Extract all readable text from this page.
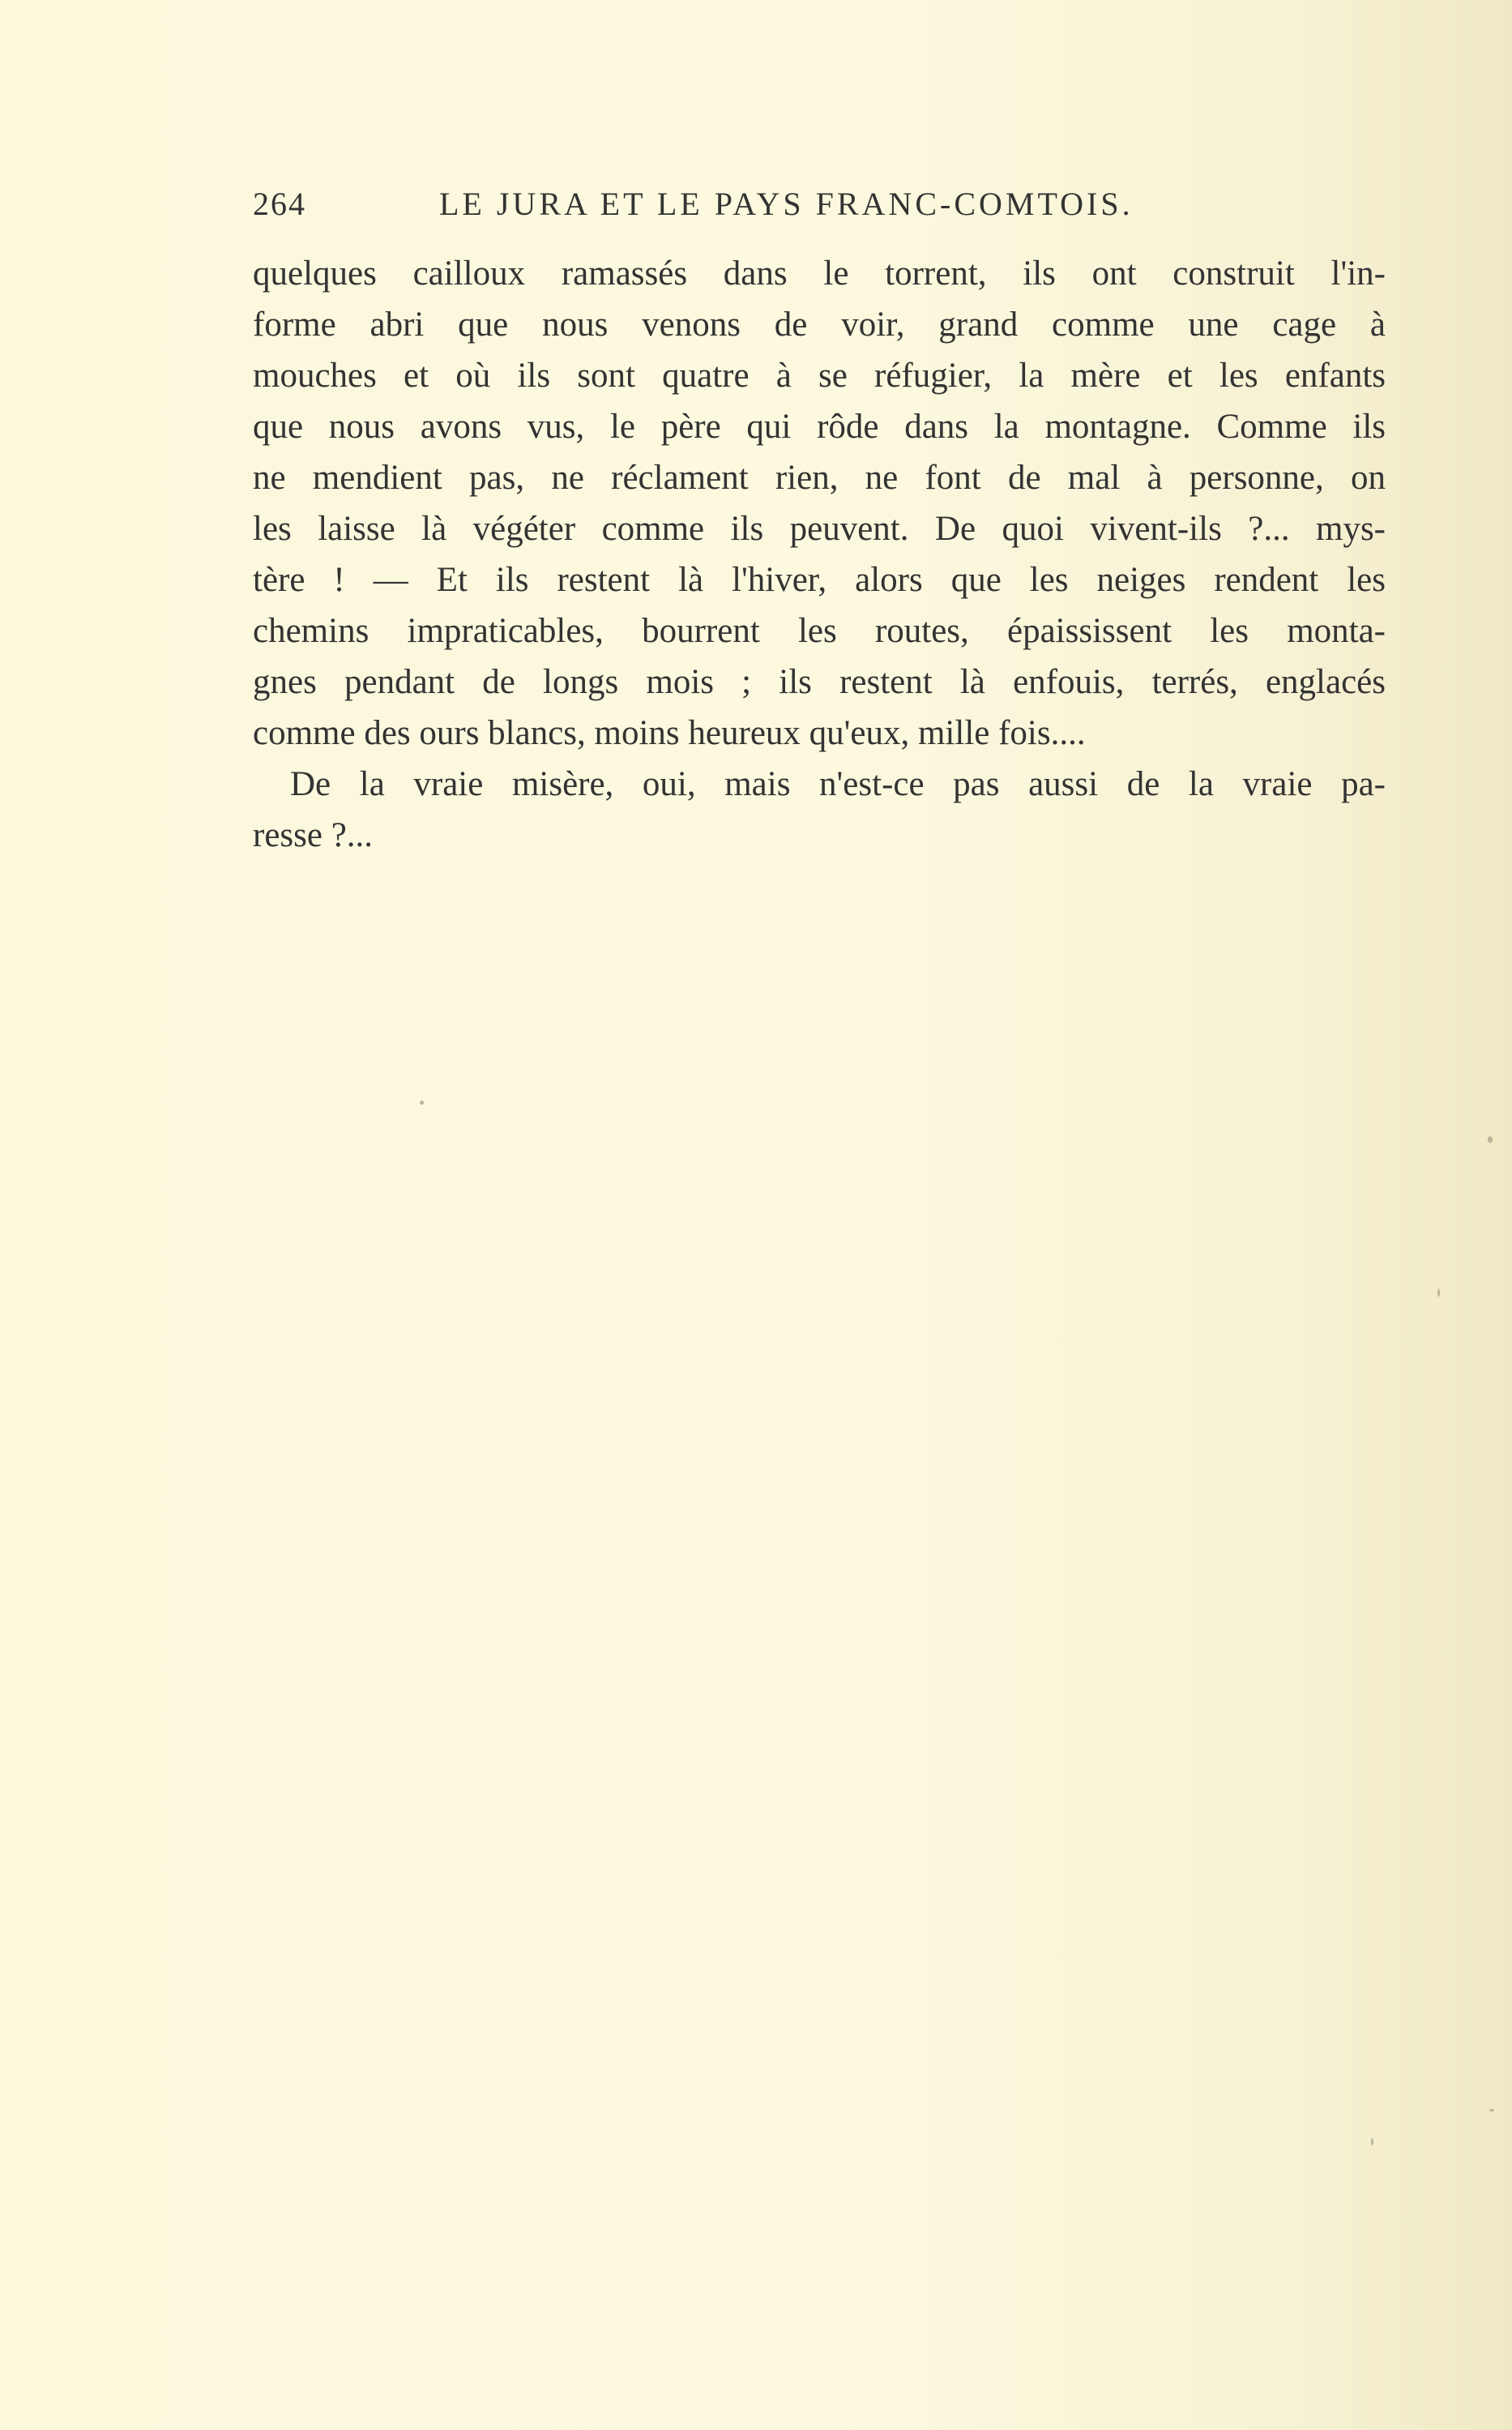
264	LE JURA ET LE PAYS FRANC-COMTOIS.
quelques cailloux ramassés dans le torrent, ils ont construit l'in-
forme abri que nous venons de voir, grand comme une cage à
mouches et où ils sont quatre à se réfugier, la mère et les enfants
que nous avons vus, le père qui rôde dans la montagne. Comme ils
ne mendient pas, ne réclament rien, ne font de mal à personne, on
les laisse là végéter comme ils peuvent. De quoi vivent-ils ?... mys-
tère ! — Et ils restent là l'hiver, alors que les neiges rendent les
chemins impraticables, bourrent les routes, épaississent les monta-
gnes pendant de longs mois ; ils restent là enfouis, terrés, englacés
comme des ours blancs, moins heureux qu'eux, mille fois....
De la vraie misère, oui, mais n'est-ce pas aussi de la vraie pa-
resse ?...
